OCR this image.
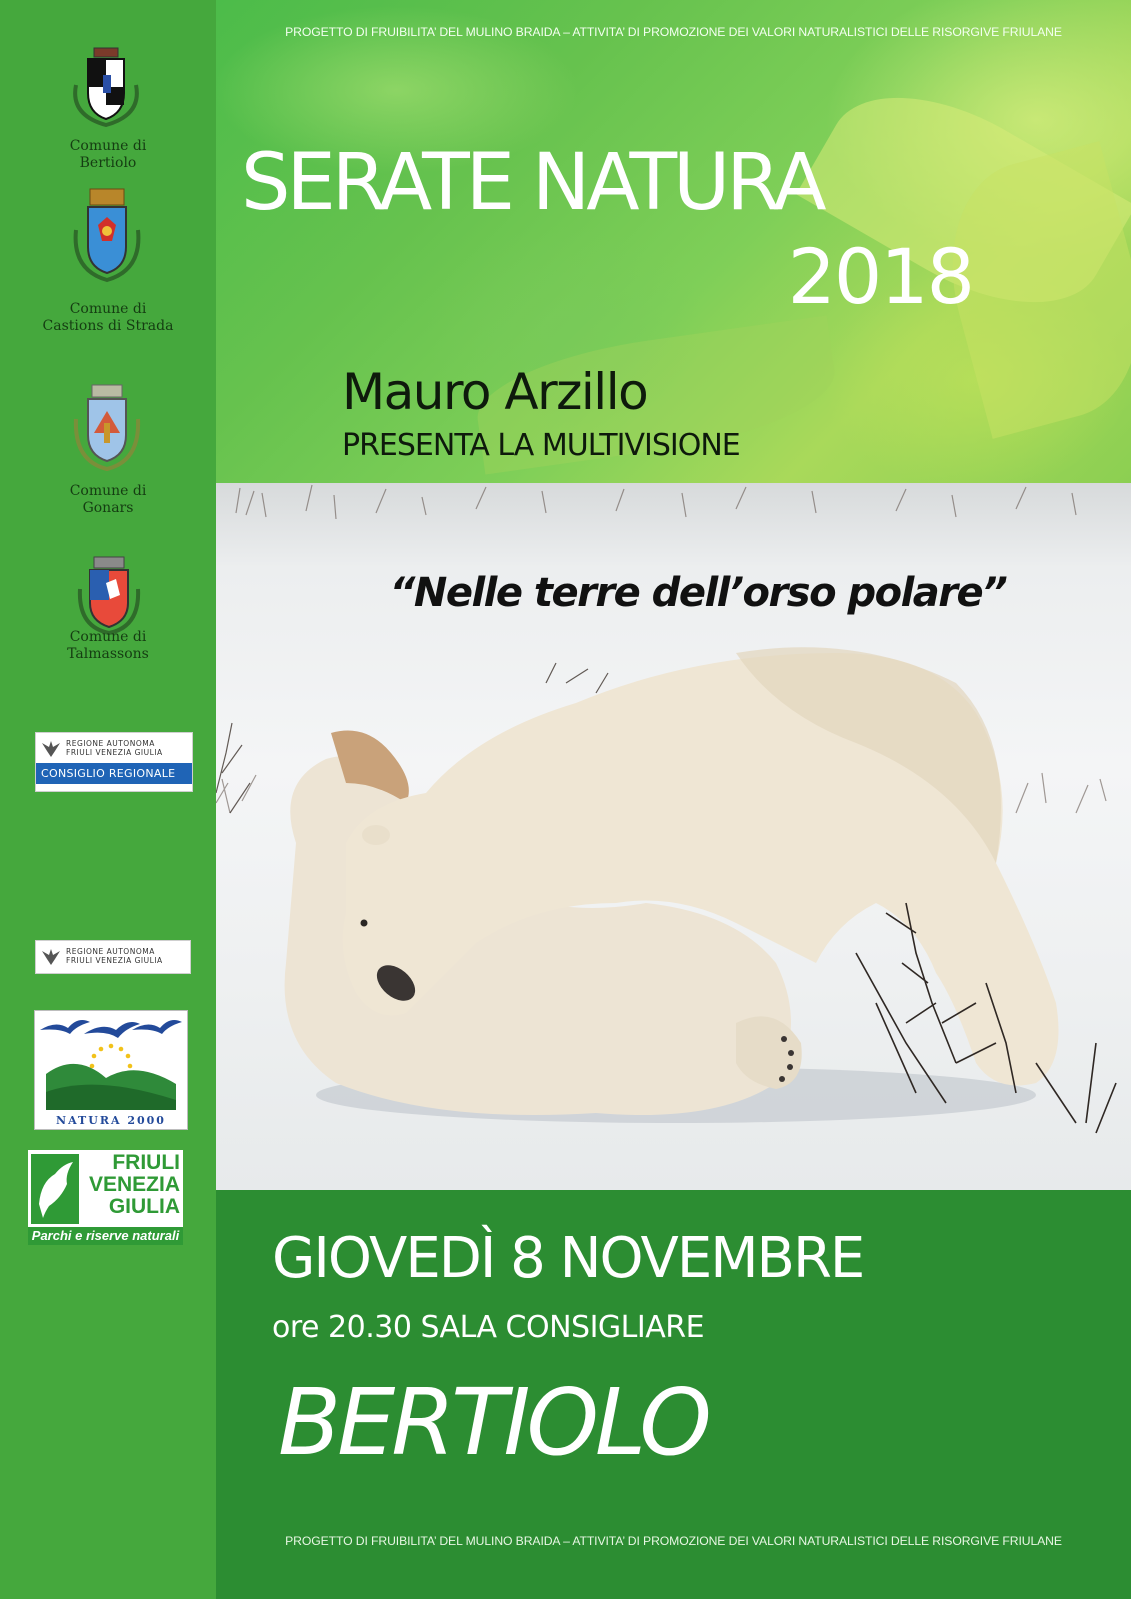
Comune di
Bertiolo
Comune di
Castions di Strada
Comune di
Gonars
Comune di
Talmassons
REGIONE AUTONOMA
FRIULI VENEZIA GIULIA
CONSIGLIO REGIONALE
REGIONE AUTONOMA
FRIULI VENEZIA GIULIA
NATURA 2000
FRIULI
VENEZIA
GIULIA
Parchi e riserve naturali
PROGETTO DI FRUIBILITA’ DEL MULINO BRAIDA – ATTIVITA’ DI PROMOZIONE DEI VALORI NATURALISTICI DELLE RISORGIVE FRIULANE
SERATE NATURA
2018
Mauro Arzillo
PRESENTA LA MULTIVISIONE
“Nelle terre dell’orso polare”
GIOVEDÌ 8 NOVEMBRE
ore 20.30 SALA CONSIGLIARE
BERTIOLO
PROGETTO DI FRUIBILITA’ DEL MULINO BRAIDA – ATTIVITA’ DI PROMOZIONE DEI VALORI NATURALISTICI DELLE RISORGIVE FRIULANE
